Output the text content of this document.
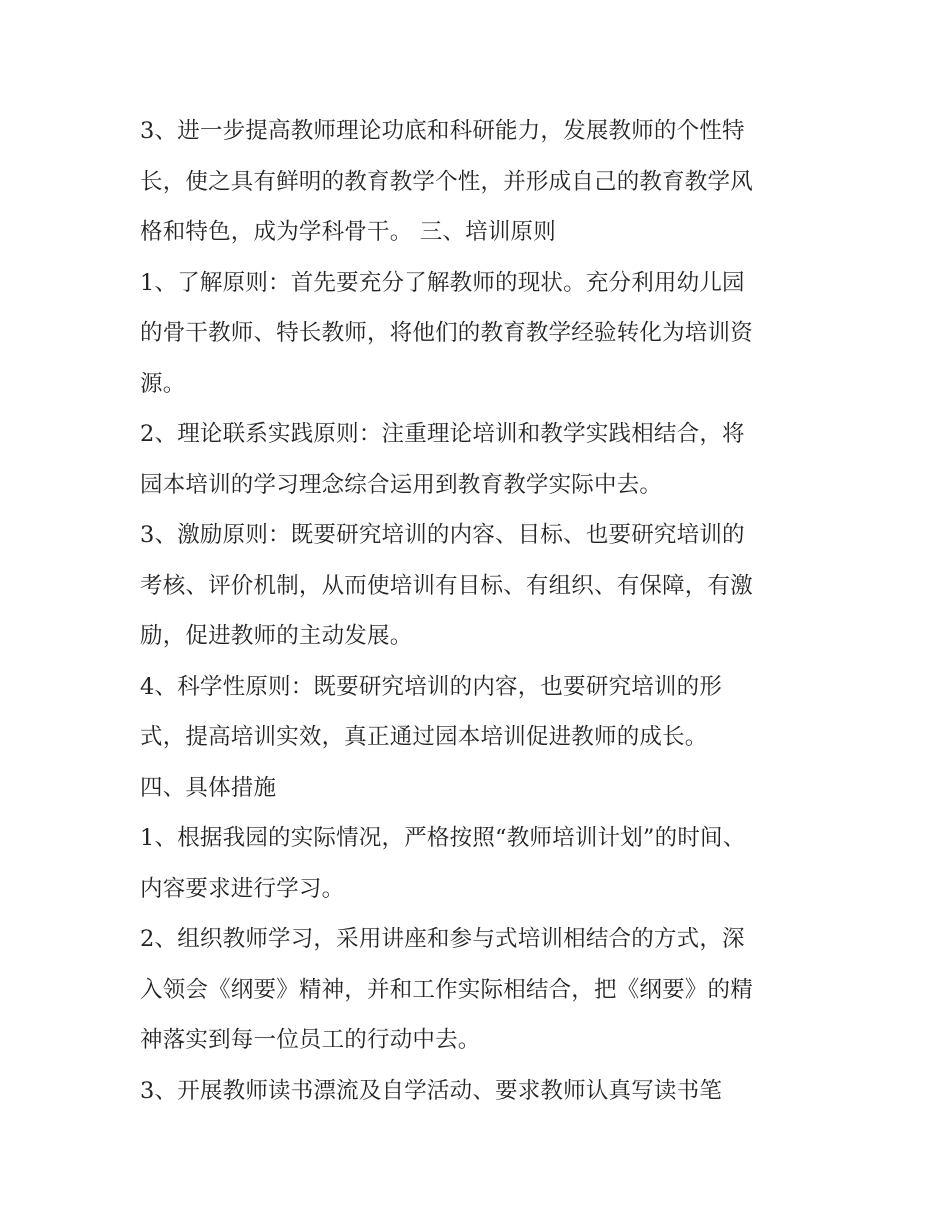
3、进一步提高教师理论功底和科研能力，发展教师的个性特
长，使之具有鲜明的教育教学个性，并形成自己的教育教学风
格和特色，成为学科骨干。 三、培训原则
1、了解原则：首先要充分了解教师的现状。充分利用幼儿园
的骨干教师、特长教师，将他们的教育教学经验转化为培训资
源。
2、理论联系实践原则：注重理论培训和教学实践相结合，将
园本培训的学习理念综合运用到教育教学实际中去。
3、激励原则：既要研究培训的内容、目标、也要研究培训的
考核、评价机制，从而使培训有目标、有组织、有保障，有激
励，促进教师的主动发展。
4、科学性原则：既要研究培训的内容，也要研究培训的形
式，提高培训实效，真正通过园本培训促进教师的成长。
四、具体措施
1、根据我园的实际情况，严格按照“教师培训计划”的时间、
内容要求进行学习。
2、组织教师学习，采用讲座和参与式培训相结合的方式，深
入领会《纲要》精神，并和工作实际相结合，把《纲要》的精
神落实到每一位员工的行动中去。
3、开展教师读书漂流及自学活动、要求教师认真写读书笔
